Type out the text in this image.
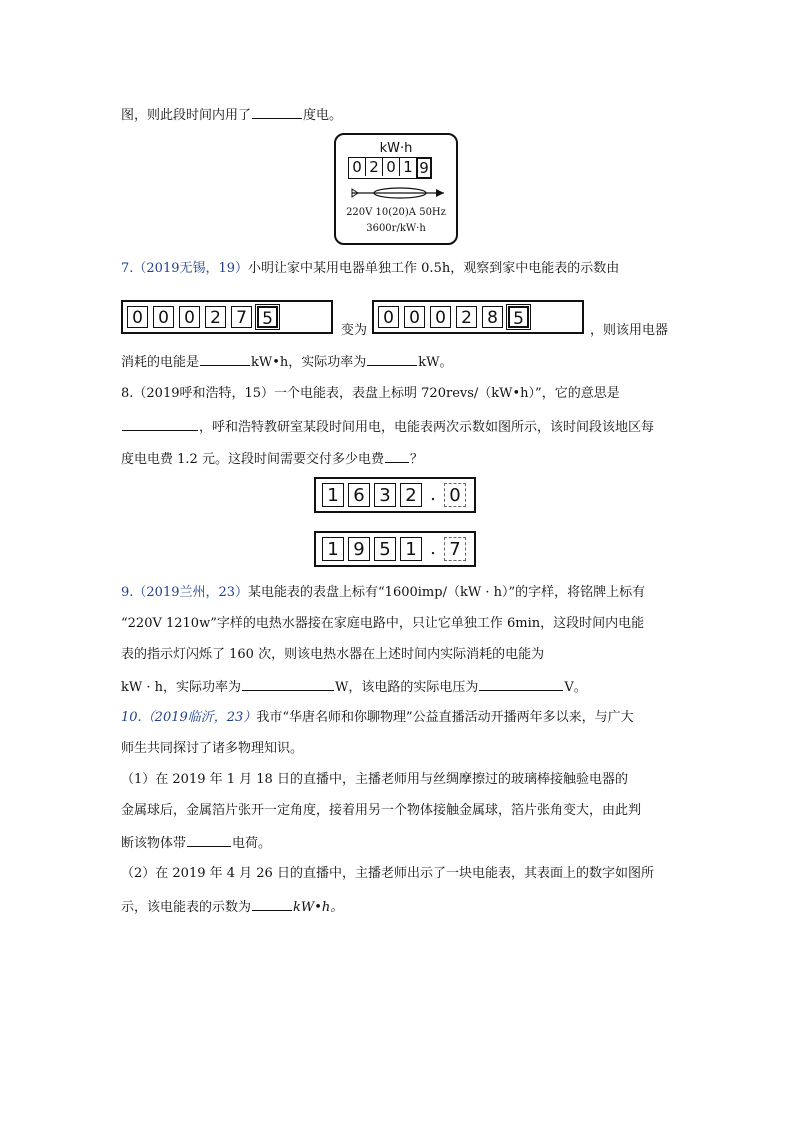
图，则此段时间内用了	度电。
kW·h
0 2 0 1 9
220V 10(20)A 50Hz
3600r/kW·h
7.（2019无锡，19）小明让家中某用电器单独工作 0.5h，观察到家中电能表的示数由
0 0 0 2 7 5
变为
0 0 0 2 8 5
，则该用电器
消耗的电能是	kW•h，实际功率为	kW。
8.（2019呼和浩特，15）一个电能表，表盘上标明 720revs/（kW•h）”，它的意思是
，呼和浩特教研室某段时间用电，电能表两次示数如图所示，该时间段该地区每
度电电费 1.2 元。这段时间需要交付多少电费 ？
1 6 3 2 . 0
1 9 5 1 . 7
9.（2019兰州，23）某电能表的表盘上标有“1600imp/（kW · h）”的字样，将铭牌上标有
“220V 1210w”字样的电热水器接在家庭电路中，只让它单独工作 6min，这段时间内电能
表的指示灯闪烁了 160 次，则该电热水器在上述时间内实际消耗的电能为
kW · h，实际功率为	W，该电路的实际电压为	V。
10.（2019临沂，23）我市“华唐名师和你聊物理”公益直播活动开播两年多以来，与广大
师生共同探讨了诸多物理知识。
（1）在 2019 年 1 月 18 日的直播中，主播老师用与丝绸摩擦过的玻璃棒接触验电器的
金属球后，金属箔片张开一定角度，接着用另一个物体接触金属球，箔片张角变大，由此判
断该物体带	电荷。
（2）在 2019 年 4 月 26 日的直播中，主播老师出示了一块电能表，其表面上的数字如图所
示，该电能表的示数为	kW•h。
